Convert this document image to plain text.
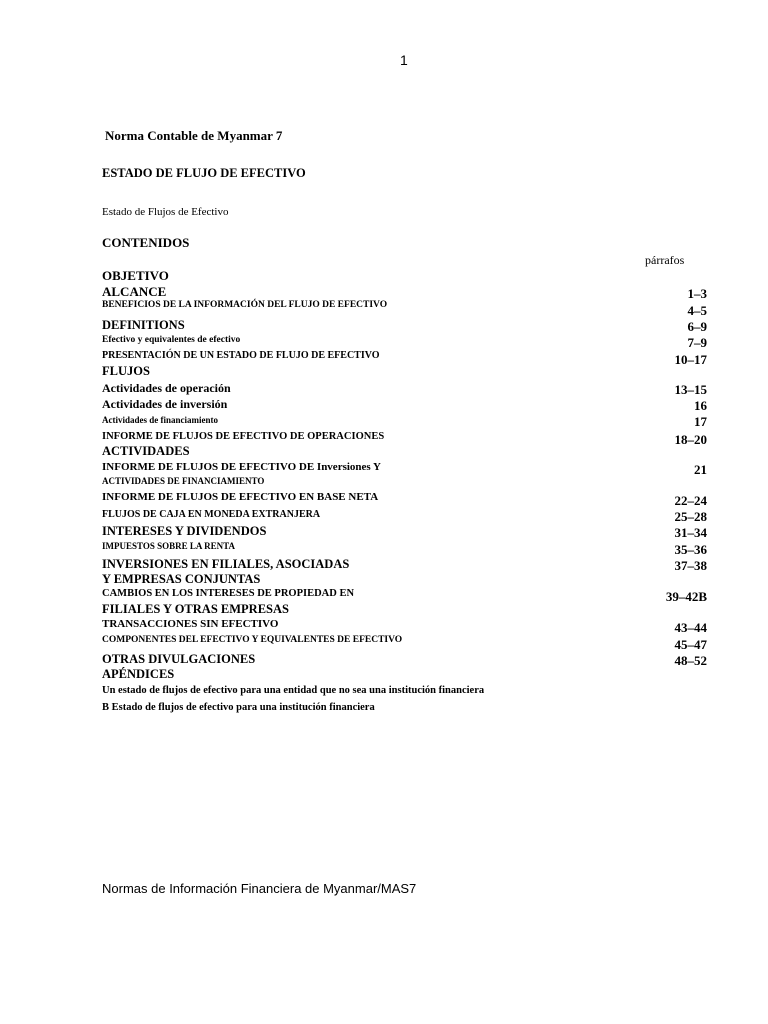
1
Norma Contable de Myanmar 7
ESTADO DE FLUJO DE EFECTIVO
Estado de Flujos de Efectivo
CONTENIDOS
párrafos
OBJETIVO
ALCANCE	1–3
BENEFICIOS DE LA INFORMACIÓN DEL FLUJO DE EFECTIVO	4–5
DEFINITIONS	6–9
Efectivo y equivalentes de efectivo	7–9
PRESENTACIÓN DE UN ESTADO DE FLUJO DE EFECTIVO	10–17
FLUJOS
Actividades de operación	13–15
Actividades de inversión	16
Actividades de financiamiento	17
INFORME DE FLUJOS DE EFECTIVO DE OPERACIONES	18–20
ACTIVIDADES
INFORME DE FLUJOS DE EFECTIVO DE Inversiones Y	21
ACTIVIDADES DE FINANCIAMIENTO
INFORME DE FLUJOS DE EFECTIVO EN BASE NETA	22–24
FLUJOS DE CAJA EN MONEDA EXTRANJERA	25–28
INTERESES Y DIVIDENDOS	31–34
IMPUESTOS SOBRE LA RENTA	35–36
INVERSIONES EN FILIALES, ASOCIADAS	37–38
Y EMPRESAS CONJUNTAS
CAMBIOS EN LOS INTERESES DE PROPIEDAD EN	39–42B
FILIALES Y OTRAS EMPRESAS
TRANSACCIONES SIN EFECTIVO	43–44
COMPONENTES DEL EFECTIVO Y EQUIVALENTES DE EFECTIVO	45–47
OTRAS DIVULGACIONES	48–52
APÉNDICES
Un estado de flujos de efectivo para una entidad que no sea una institución financiera
B Estado de flujos de efectivo para una institución financiera
Normas de Información Financiera de Myanmar/MAS7
